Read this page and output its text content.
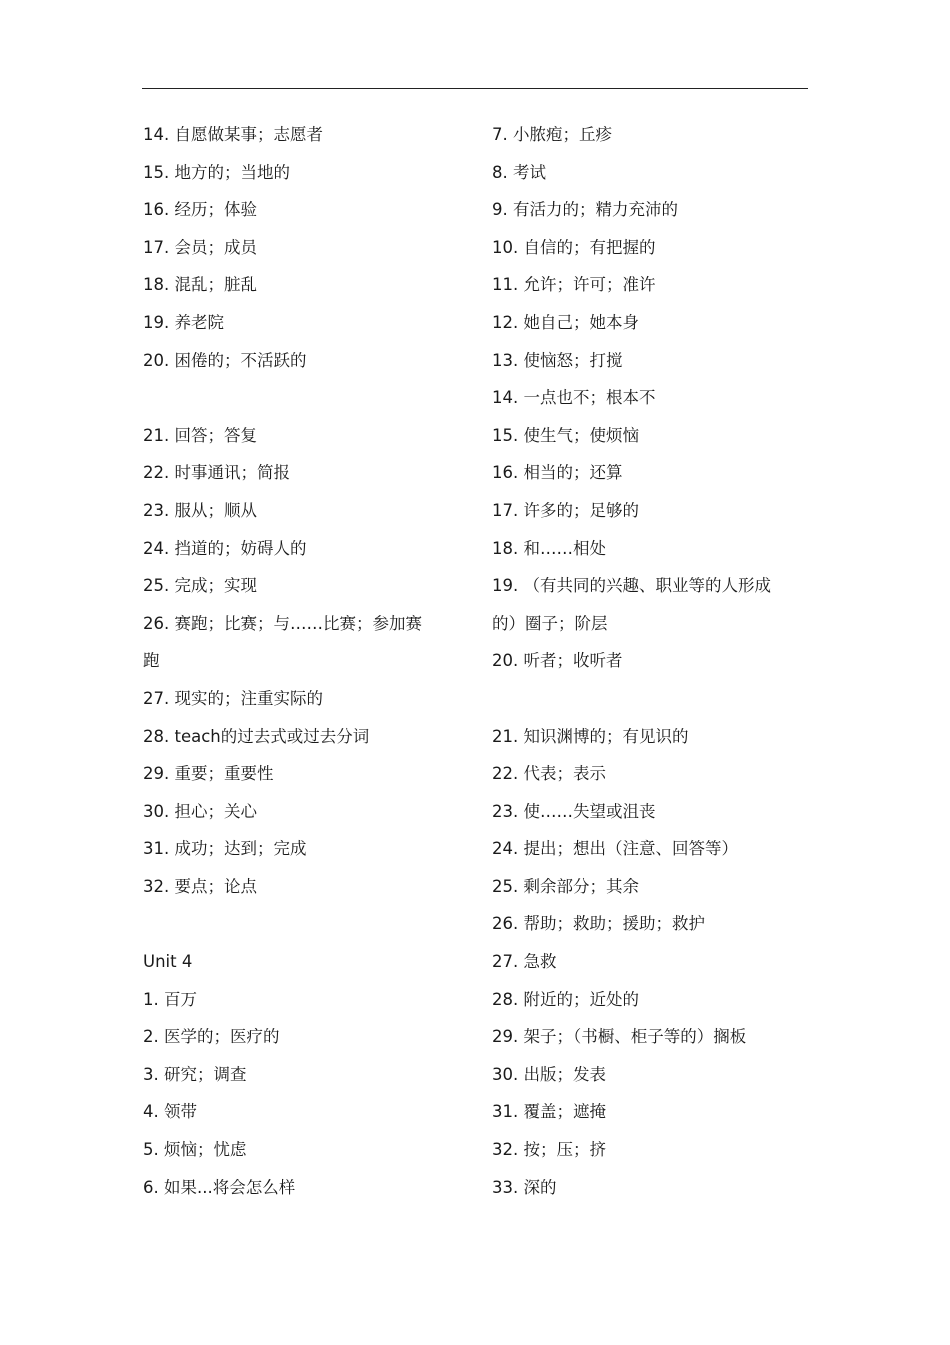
14. 自愿做某事；志愿者
15. 地方的；当地的
16. 经历；体验
17. 会员；成员
18. 混乱；脏乱
19. 养老院
20. 困倦的；不活跃的
21. 回答；答复
22. 时事通讯；简报
23. 服从；顺从
24. 挡道的；妨碍人的
25. 完成；实现
26. 赛跑；比赛；与……比赛；参加赛
跑
27. 现实的；注重实际的
28. teach的过去式或过去分词
29. 重要；重要性
30. 担心；关心
31. 成功；达到；完成
32. 要点；论点
Unit 4
1. 百万
2. 医学的；医疗的
3. 研究；调查
4. 领带
5. 烦恼；忧虑
6. 如果...将会怎么样
7. 小脓疱；丘疹
8. 考试
9. 有活力的；精力充沛的
10. 自信的；有把握的
11. 允许；许可；准许
12. 她自己；她本身
13. 使恼怒；打搅
14. 一点也不；根本不
15. 使生气；使烦恼
16. 相当的；还算
17. 许多的；足够的
18. 和……相处
19. （有共同的兴趣、职业等的人形成
的）圈子；阶层
20. 听者；收听者
21. 知识渊博的；有见识的
22. 代表；表示
23. 使……失望或沮丧
24. 提出；想出（注意、回答等）
25. 剩余部分；其余
26. 帮助；救助；援助；救护
27. 急救
28. 附近的；近处的
29. 架子；（书橱、柜子等的）搁板
30. 出版；发表
31. 覆盖；遮掩
32. 按；压；挤
33. 深的
